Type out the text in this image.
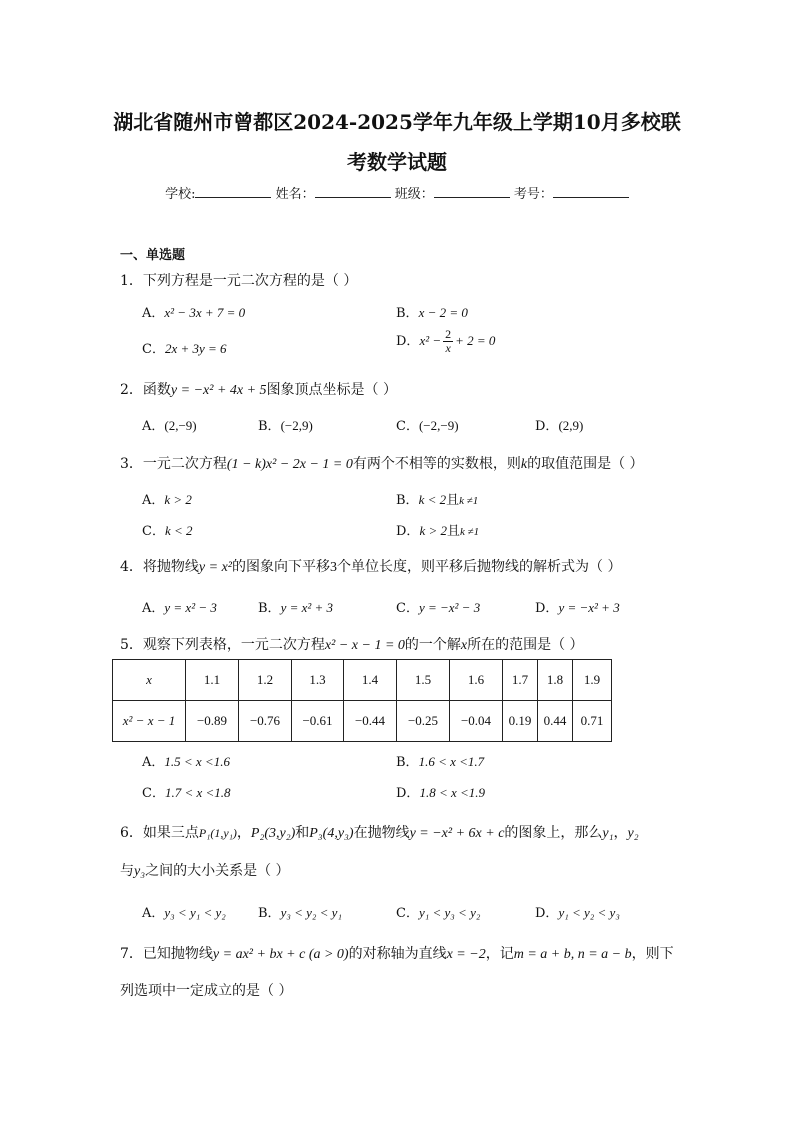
湖北省随州市曾都区2024-2025学年九年级上学期10月多校联
考数学试题
学校:	姓名：	班级：	考号：
一、单选题
1．下列方程是一元二次方程的是（ ）
A．x² − 3x + 7 = 0	B．x − 2 = 0
C．2x + 3y = 6	D．$x^2 - \frac{2}{x} + 2 = 0$
2．函数y = −x² + 4x + 5图象顶点坐标是（ ）
A．(2,−9)	B．(−2,9)	C．(−2,−9)	D．(2,9)
3．一元二次方程(1 − k)x² − 2x − 1 = 0有两个不相等的实数根，则k的取值范围是（ ）
A．k > 2	B．k < 2且k ≠1
C．k < 2	D．k > 2且k ≠1
4．将抛物线y = x²的图象向下平移3个单位长度，则平移后抛物线的解析式为（ ）
A．y = x² − 3	B．y = x² + 3	C．y = −x² − 3	D．y = −x² + 3
5．观察下列表格，一元二次方程x² − x − 1 = 0的一个解x所在的范围是（ ）
x	1.1	1.2	1.3	1.4	1.5	1.6	1.7	1.8	1.9
x² − x − 1	−0.89	−0.76	−0.61	−0.44	−0.25	−0.04	0.19	0.44	0.71
A．1.5 < x <1.6	B．1.6 < x <1.7
C．1.7 < x <1.8	D．1.8 < x <1.9
6．如果三点P₁(1,y₁)，P₂(3,y₂)和P₃(4,y₃)在抛物线y = −x² + 6x + c的图象上，那么y₁，y₂
与y₃之间的大小关系是（ ）
A．y₃ < y₁ < y₂ B．y₃ < y₂ < y₁	C．y₁ < y₃ < y₂	D．y₁ < y₂ < y₃
7．已知抛物线y = ax² + bx + c (a > 0)的对称轴为直线x = −2，记m = a + b, n = a − b，则下
列选项中一定成立的是（ ）
